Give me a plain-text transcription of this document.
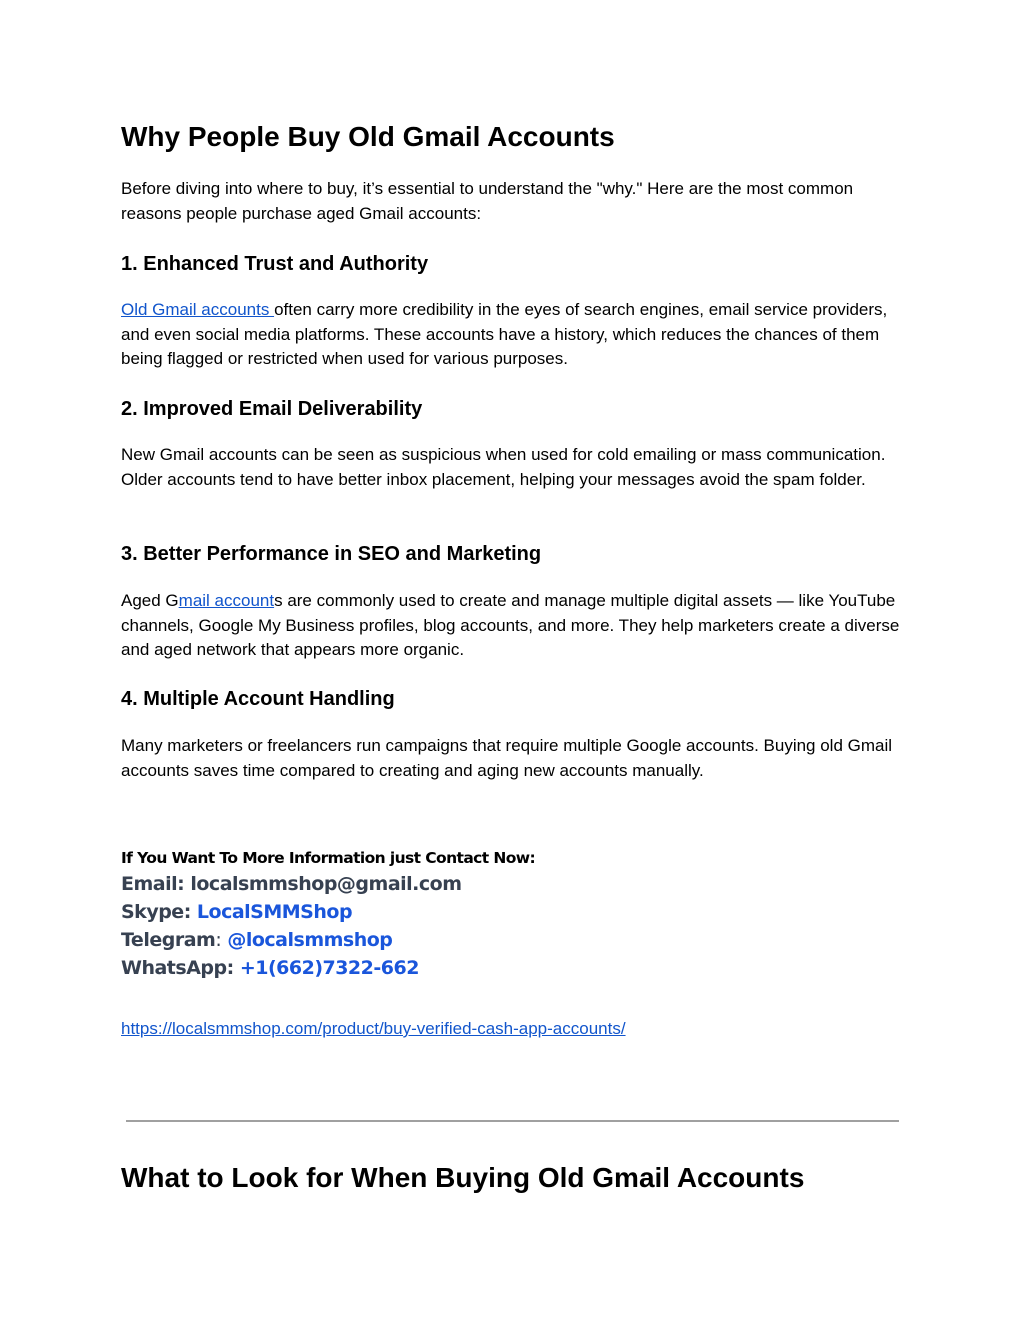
Why People Buy Old Gmail Accounts

Before diving into where to buy, it’s essential to understand the "why." Here are the most common reasons people purchase aged Gmail accounts:

1. Enhanced Trust and Authority

Old Gmail accounts often carry more credibility in the eyes of search engines, email service providers, and even social media platforms. These accounts have a history, which reduces the chances of them being flagged or restricted when used for various purposes.

2. Improved Email Deliverability

New Gmail accounts can be seen as suspicious when used for cold emailing or mass communication. Older accounts tend to have better inbox placement, helping your messages avoid the spam folder.

3. Better Performance in SEO and Marketing

Aged Gmail accounts are commonly used to create and manage multiple digital assets — like YouTube channels, Google My Business profiles, blog accounts, and more. They help marketers create a diverse and aged network that appears more organic.

4. Multiple Account Handling

Many marketers or freelancers run campaigns that require multiple Google accounts. Buying old Gmail accounts saves time compared to creating and aging new accounts manually.

If You Want To More Information just Contact Now:
Email: localsmmshop@gmail.com
Skype: LocalSMMShop
Telegram: @localsmmshop
WhatsApp: +1(662)7322-662
https://localsmmshop.com/product/buy-verified-cash-app-accounts/
What to Look for When Buying Old Gmail Accounts
